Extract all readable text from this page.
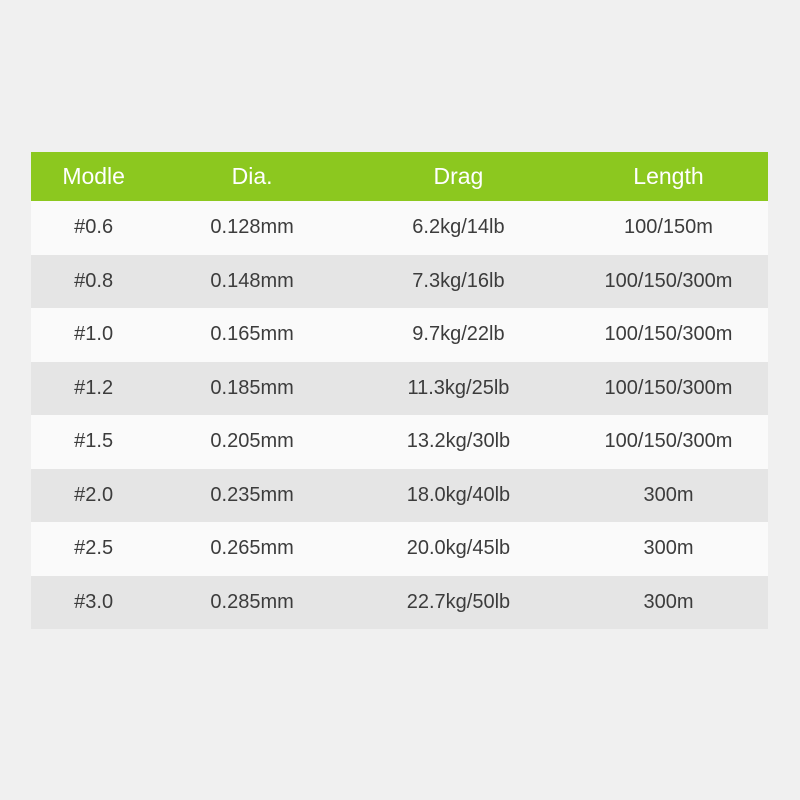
Modle	Dia.	Drag	Length
#0.6	0.128mm	6.2kg/14lb	100/150m
#0.8	0.148mm	7.3kg/16lb	100/150/300m
#1.0	0.165mm	9.7kg/22lb	100/150/300m
#1.2	0.185mm	11.3kg/25lb	100/150/300m
#1.5	0.205mm	13.2kg/30lb	100/150/300m
#2.0	0.235mm	18.0kg/40lb	300m
#2.5	0.265mm	20.0kg/45lb	300m
#3.0	0.285mm	22.7kg/50lb	300m
